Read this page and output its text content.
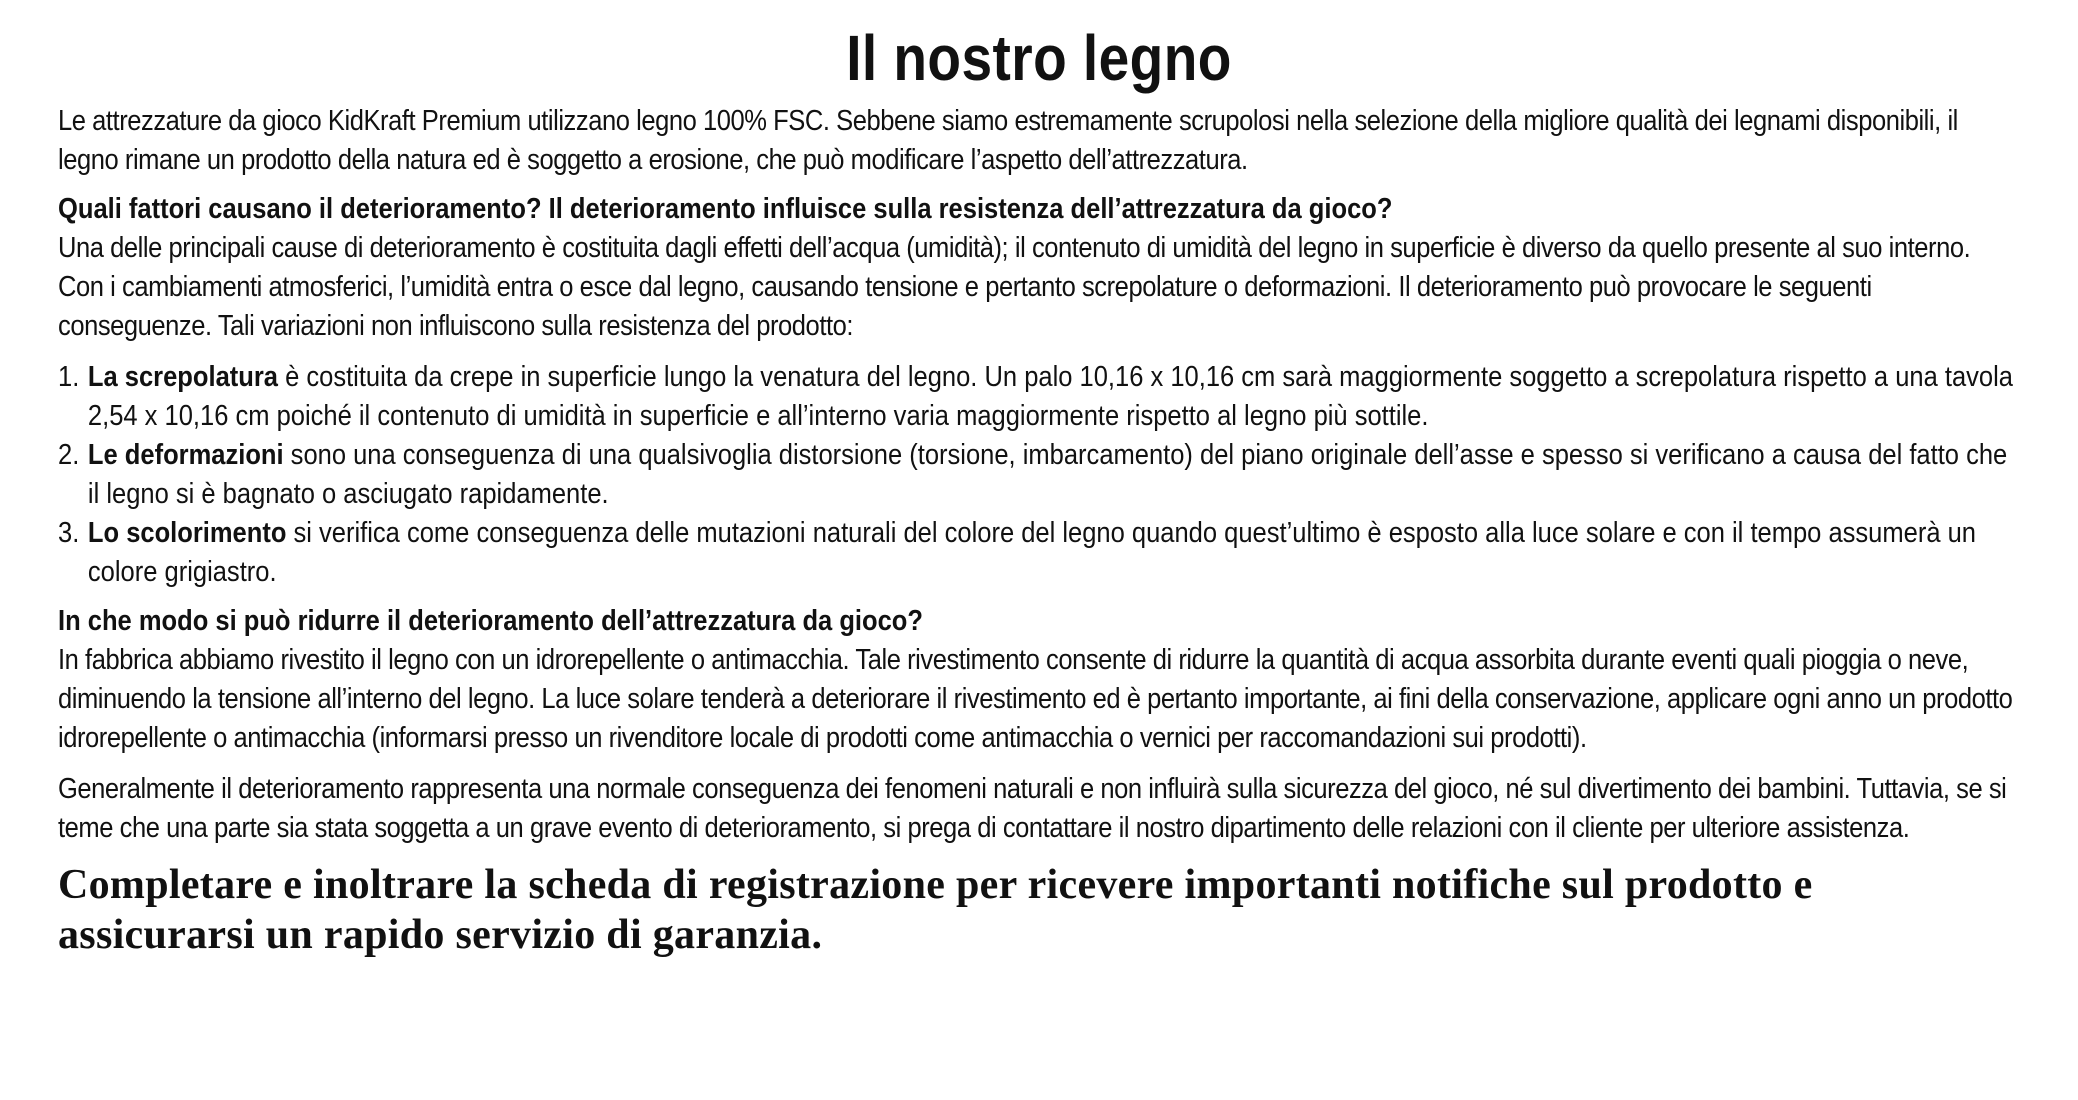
Il nostro legno

Le attrezzature da gioco KidKraft Premium utilizzano legno 100% FSC. Sebbene siamo estremamente scrupolosi nella selezione della migliore qualità dei legnami disponibili, il legno rimane un prodotto della natura ed è soggetto a erosione, che può modificare l’aspetto dell’attrezzatura.

Quali fattori causano il deterioramento? Il deterioramento influisce sulla resistenza dell’attrezzatura da gioco?

Una delle principali cause di deterioramento è costituita dagli effetti dell’acqua (umidità); il contenuto di umidità del legno in superficie è diverso da quello presente al suo interno. Con i cambiamenti atmosferici, l’umidità entra o esce dal legno, causando tensione e pertanto screpolature o deformazioni. Il deterioramento può provocare le seguenti conseguenze. Tali variazioni non influiscono sulla resistenza del prodotto:

1. La screpolatura è costituita da crepe in superficie lungo la venatura del legno. Un palo 10,16 x 10,16 cm sarà maggiormente soggetto a screpolatura rispetto a una tavola 2,54 x 10,16 cm poiché il contenuto di umidità in superficie e all’interno varia maggiormente rispetto al legno più sottile.
2. Le deformazioni sono una conseguenza di una qualsivoglia distorsione (torsione, imbarcamento) del piano originale dell’asse e spesso si verificano a causa del fatto che il legno si è bagnato o asciugato rapidamente.
3. Lo scolorimento si verifica come conseguenza delle mutazioni naturali del colore del legno quando quest’ultimo è esposto alla luce solare e con il tempo assumerà un colore grigiastro.

In che modo si può ridurre il deterioramento dell’attrezzatura da gioco?

In fabbrica abbiamo rivestito il legno con un idrorepellente o antimacchia. Tale rivestimento consente di ridurre la quantità di acqua assorbita durante eventi quali pioggia o neve, diminuendo la tensione all’interno del legno. La luce solare tenderà a deteriorare il rivestimento ed è pertanto importante, ai fini della conservazione, applicare ogni anno un prodotto idrorepellente o antimacchia (informarsi presso un rivenditore locale di prodotti come antimacchia o vernici per raccomandazioni sui prodotti).

Generalmente il deterioramento rappresenta una normale conseguenza dei fenomeni naturali e non influirà sulla sicurezza del gioco, né sul divertimento dei bambini. Tuttavia, se si teme che una parte sia stata soggetta a un grave evento di deterioramento, si prega di contattare il nostro dipartimento delle relazioni con il cliente per ulteriore assistenza.

Completare e inoltrare la scheda di registrazione per ricevere importanti notifiche sul prodotto e assicurarsi un rapido servizio di garanzia.
